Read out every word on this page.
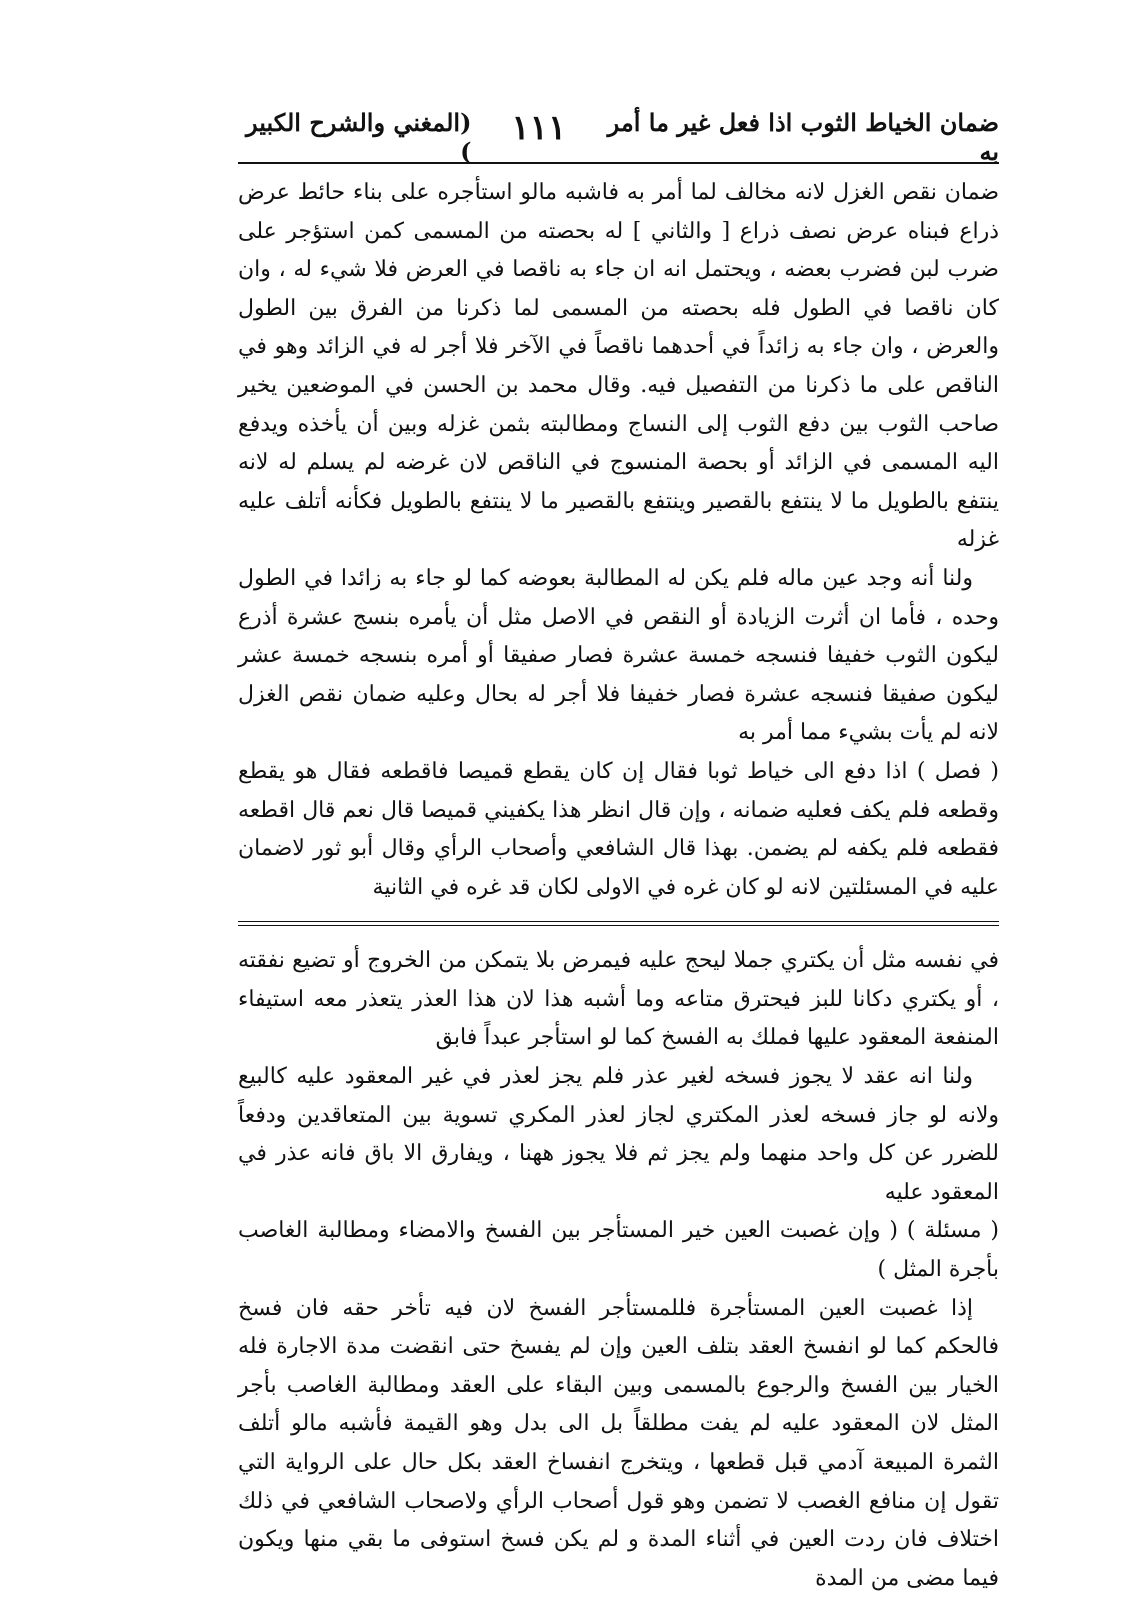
(المغني والشرح الكبير )
ضمان الخياط الثوب اذا فعل غير ما أمر به
١١١

ضمان نقص الغزل لانه مخالف لما أمر به فاشبه مالو استأجره على بناء حائط عرض ذراع فبناه عرض نصف ذراع [ والثاني ] له بحصته من المسمى كمن استؤجر على ضرب لبن فضرب بعضه ، ويحتمل انه ان جاء به ناقصا في العرض فلا شيء له ، وان كان ناقصا في الطول فله بحصته من المسمى لما ذكرنا من الفرق بين الطول والعرض ، وان جاء به زائداً في أحدهما ناقصاً في الآخر فلا أجر له في الزائد وهو في الناقص على ما ذكرنا من التفصيل فيه. وقال محمد بن الحسن في الموضعين يخير صاحب الثوب بين دفع الثوب إلى النساج ومطالبته بثمن غزله وبين أن يأخذه ويدفع اليه المسمى في الزائد أو بحصة المنسوج في الناقص لان غرضه لم يسلم له لانه ينتفع بالطويل ما لا ينتفع بالقصير وينتفع بالقصير ما لا ينتفع بالطويل فكأنه أتلف عليه غزله

ولنا أنه وجد عين ماله فلم يكن له المطالبة بعوضه كما لو جاء به زائدا في الطول وحده ، فأما ان أثرت الزيادة أو النقص في الاصل مثل أن يأمره بنسج عشرة أذرع ليكون الثوب خفيفا فنسجه خمسة عشرة فصار صفيقا أو أمره بنسجه خمسة عشر ليكون صفيقا فنسجه عشرة فصار خفيفا فلا أجر له بحال وعليه ضمان نقص الغزل لانه لم يأت بشيء مما أمر به

( فصل ) اذا دفع الى خياط ثوبا فقال إن كان يقطع قميصا فاقطعه فقال هو يقطع وقطعه فلم يكف فعليه ضمانه ، وإن قال انظر هذا يكفيني قميصا قال نعم قال اقطعه فقطعه فلم يكفه لم يضمن. بهذا قال الشافعي وأصحاب الرأي وقال أبو ثور لاضمان عليه في المسئلتين لانه لو كان غره في الاولى لكان قد غره في الثانية

في نفسه مثل أن يكتري جملا ليحج عليه فيمرض بلا يتمكن من الخروج أو تضيع نفقته ، أو يكتري دكانا للبز فيحترق متاعه وما أشبه هذا لان هذا العذر يتعذر معه استيفاء المنفعة المعقود عليها فملك به الفسخ كما لو استأجر عبداً فابق

ولنا انه عقد لا يجوز فسخه لغير عذر فلم يجز لعذر في غير المعقود عليه كالبيع ولانه لو جاز فسخه لعذر المكتري لجاز لعذر المكري تسوية بين المتعاقدين ودفعاً للضرر عن كل واحد منهما ولم يجز ثم فلا يجوز ههنا ، ويفارق الا باق فانه عذر في المعقود عليه

( مسئلة ) ( وإن غصبت العين خير المستأجر بين الفسخ والامضاء ومطالبة الغاصب بأجرة المثل )

إذا غصبت العين المستأجرة فللمستأجر الفسخ لان فيه تأخر حقه فان فسخ فالحكم كما لو انفسخ العقد بتلف العين وإن لم يفسخ حتى انقضت مدة الاجارة فله الخيار بين الفسخ والرجوع بالمسمى وبين البقاء على العقد ومطالبة الغاصب بأجر المثل لان المعقود عليه لم يفت مطلقاً بل الى بدل وهو القيمة فأشبه مالو أتلف الثمرة المبيعة آدمي قبل قطعها ، ويتخرج انفساخ العقد بكل حال على الرواية التي تقول إن منافع الغصب لا تضمن وهو قول أصحاب الرأي ولاصحاب الشافعي في ذلك اختلاف فان ردت العين في أثناء المدة و لم يكن فسخ استوفى ما بقي منها ويكون فيما مضى من المدة
